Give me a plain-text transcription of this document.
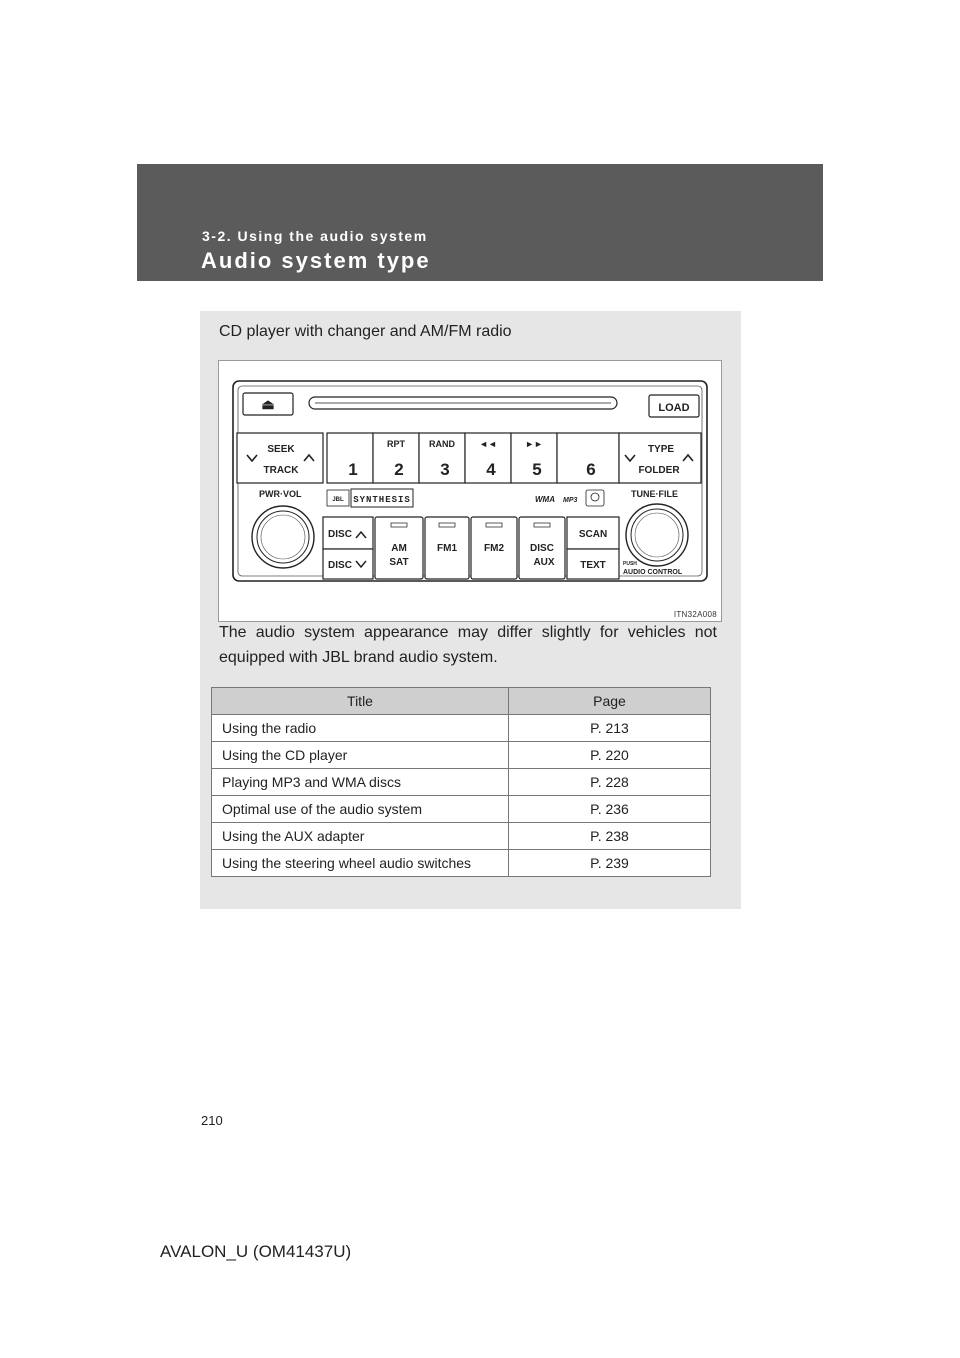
3-2. Using the audio system
Audio system type
CD player with changer and AM/FM radio
⏏	LOAD
SEEK
TRACK	1
RPT
2
RAND
3
◄◄
4
►►
5	6
TYPE
FOLDER
PWR·VOL	TUNE·FILE
JBL SYNTHESIS	WMA MP3
DISC
DISC
AM
SAT
FM1	FM2	DISC
AUX
SCAN
TEXT	PUSH
AUDIO CONTROL
ITN32A008
The audio system appearance may differ slightly for vehicles not equipped with JBL brand audio system.
Title	Page
Using the radio	P. 213
Using the CD player	P. 220
Playing MP3 and WMA discs	P. 228
Optimal use of the audio system	P. 236
Using the AUX adapter	P. 238
Using the steering wheel audio switches	P. 239
210
AVALON_U (OM41437U)
